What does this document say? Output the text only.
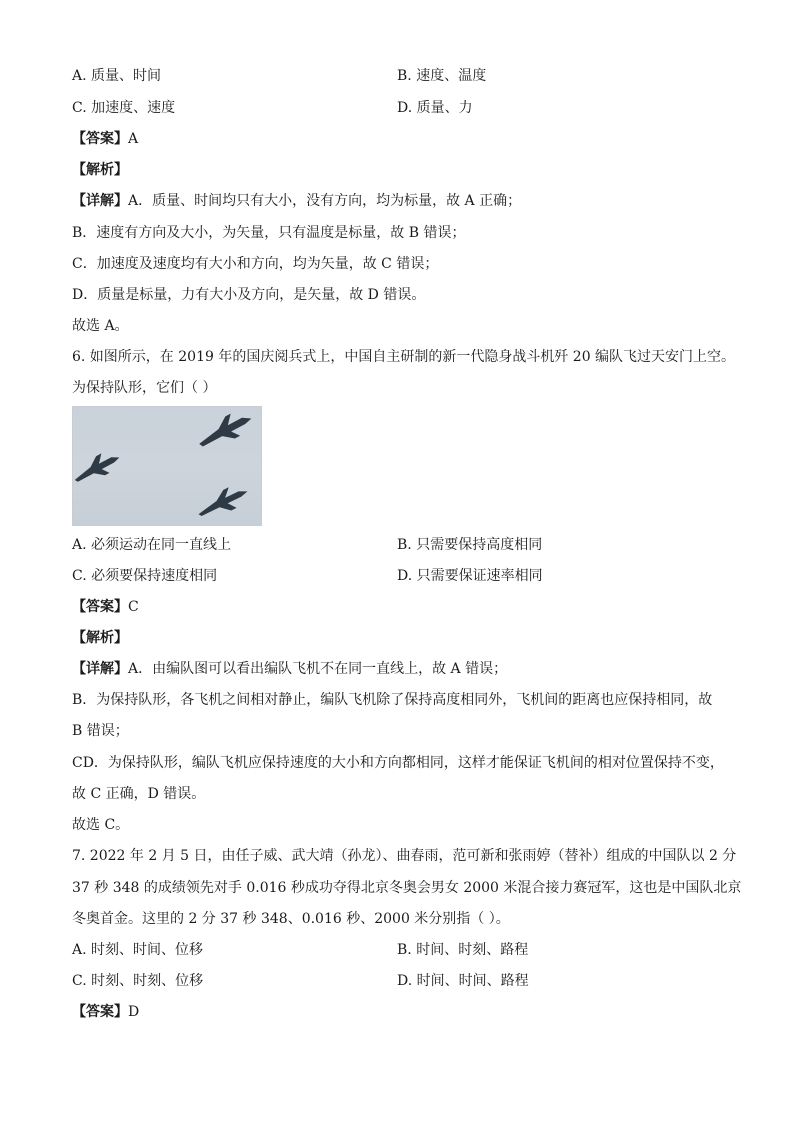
A. 质量、时间	B. 速度、温度
C. 加速度、速度	D. 质量、力
【答案】A
【解析】
【详解】A．质量、时间均只有大小，没有方向，均为标量，故 A 正确；
B．速度有方向及大小，为矢量，只有温度是标量，故 B 错误；
C．加速度及速度均有大小和方向，均为矢量，故 C 错误；
D．质量是标量，力有大小及方向，是矢量，故 D 错误。
故选 A。
6. 如图所示，在 2019 年的国庆阅兵式上，中国自主研制的新一代隐身战斗机歼 20 编队飞过天安门上空。
为保持队形，它们（ ）
A. 必须运动在同一直线上	B. 只需要保持高度相同
C. 必须要保持速度相同	D. 只需要保证速率相同
【答案】C
【解析】
【详解】A．由编队图可以看出编队飞机不在同一直线上，故 A 错误；
B．为保持队形，各飞机之间相对静止，编队飞机除了保持高度相同外，飞机间的距离也应保持相同，故
B 错误；
CD．为保持队形，编队飞机应保持速度的大小和方向都相同，这样才能保证飞机间的相对位置保持不变，
故 C 正确，D 错误。
故选 C。
7. 2022 年 2 月 5 日，由任子威、武大靖（孙龙）、曲春雨，范可新和张雨婷（替补）组成的中国队以 2 分
37 秒 348 的成绩领先对手 0.016 秒成功夺得北京冬奥会男女 2000 米混合接力赛冠军，这也是中国队北京
冬奥首金。这里的 2 分 37 秒 348、0.016 秒、2000 米分别指（ ）。
A. 时刻、时间、位移	B. 时间、时刻、路程
C. 时刻、时刻、位移	D. 时间、时间、路程
【答案】D
